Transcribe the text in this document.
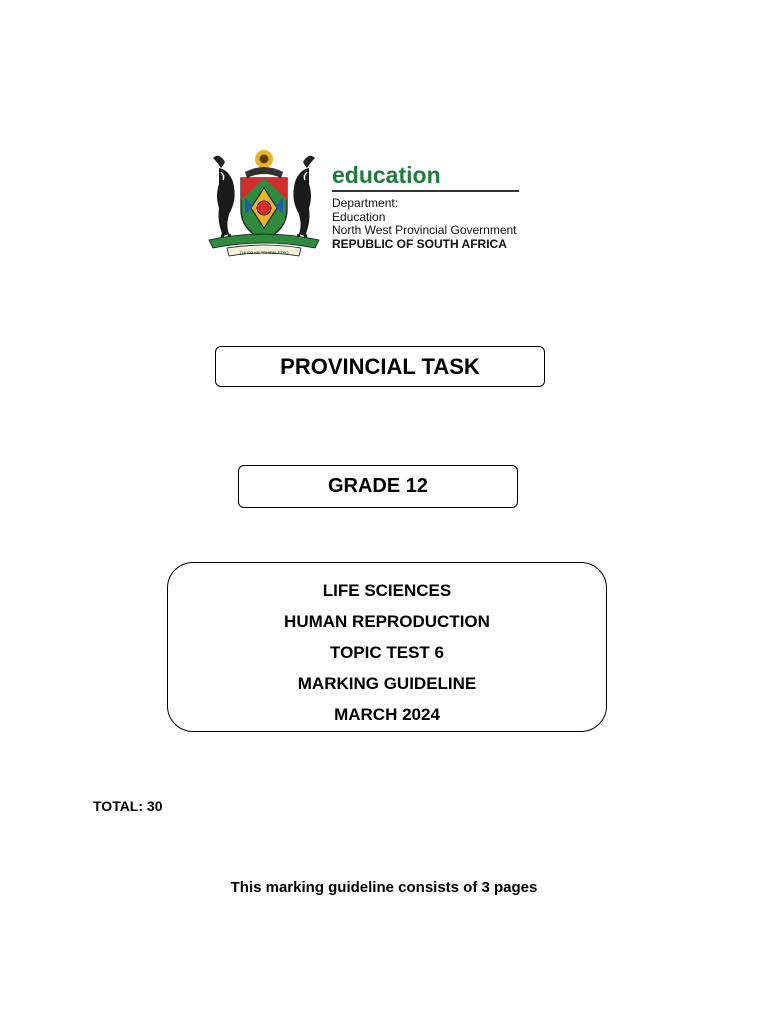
THUTO KE TSHIRELETSO
education
Department:
Education
North West Provincial Government
REPUBLIC OF SOUTH AFRICA
PROVINCIAL TASK
GRADE 12
LIFE SCIENCES
HUMAN REPRODUCTION
TOPIC TEST 6
MARKING GUIDELINE
MARCH 2024
TOTAL: 30
This marking guideline consists of 3 pages
